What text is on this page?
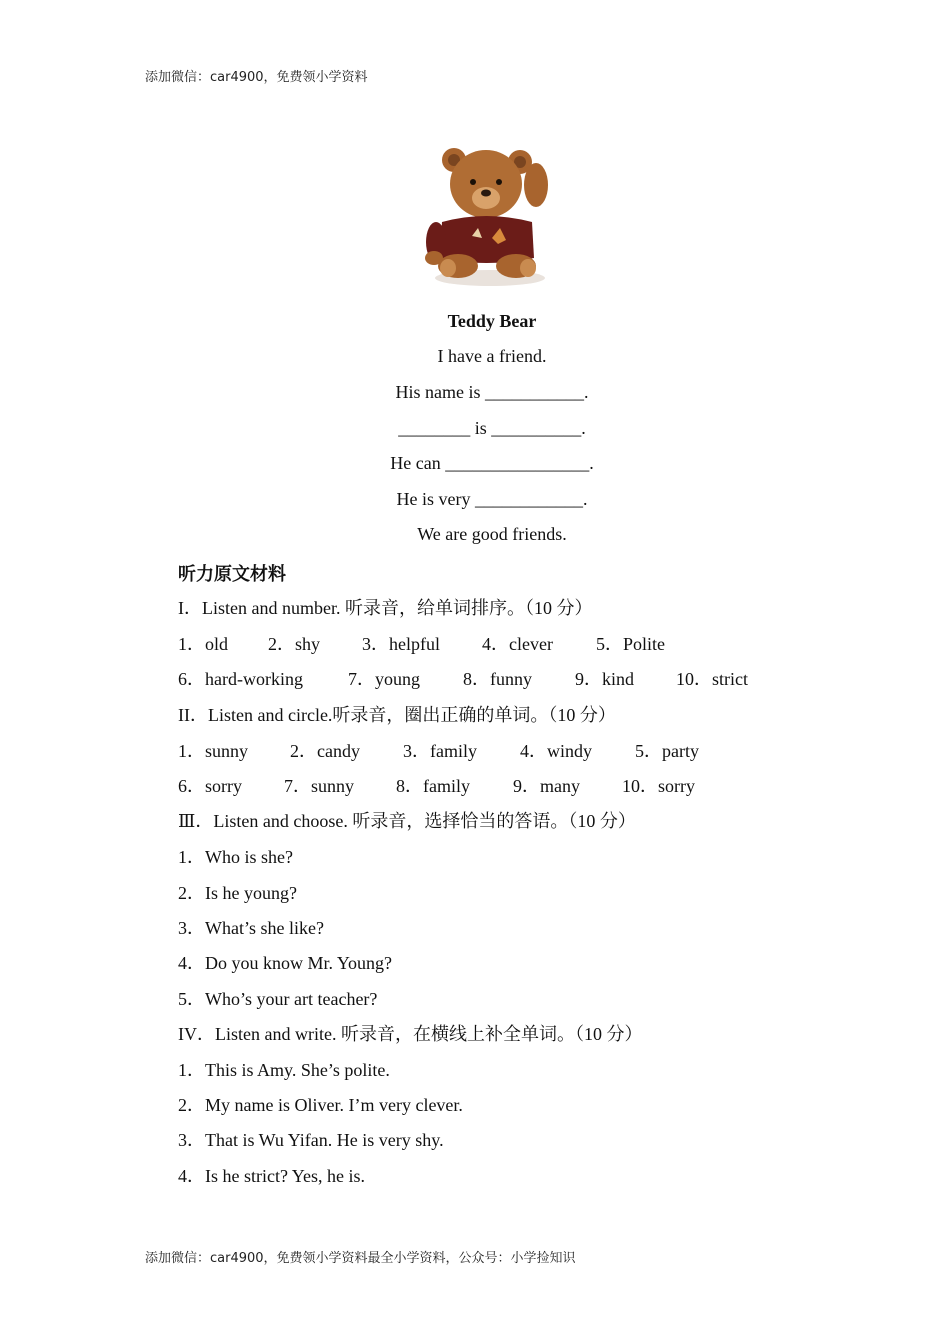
添加微信：car4900，免费领小学资料
Teddy Bear
I have a friend.
His name is ___________.
________ is __________.
He can ________________.
He is very ____________.
We are good friends.
听力原文材料
I．Listen and number. 听录音，给单词排序。（10 分）
1．old 2．shy 3．helpful 4．clever 5．Polite
6．hard-working	7．young 8．funny 9．kind 10．strict
II．Listen and circle.听录音，圈出正确的单词。（10 分）
1．sunny 2．candy 3．family 4．windy 5．party
6．sorry 7．sunny 8．family 9．many 10．sorry
Ⅲ．Listen and choose. 听录音，选择恰当的答语。（10 分）
1．Who is she?
2．Is he young?
3．What’s she like?
4．Do you know Mr. Young?
5．Who’s your art teacher?
IV．Listen and write. 听录音，在横线上补全单词。（10 分）
1．This is Amy. She’s polite.
2．My name is Oliver. I’m very clever.
3．That is Wu Yifan. He is very shy.
4．Is he strict? Yes, he is.
添加微信：car4900，免费领小学资料最全小学资料，公众号：小学捡知识
